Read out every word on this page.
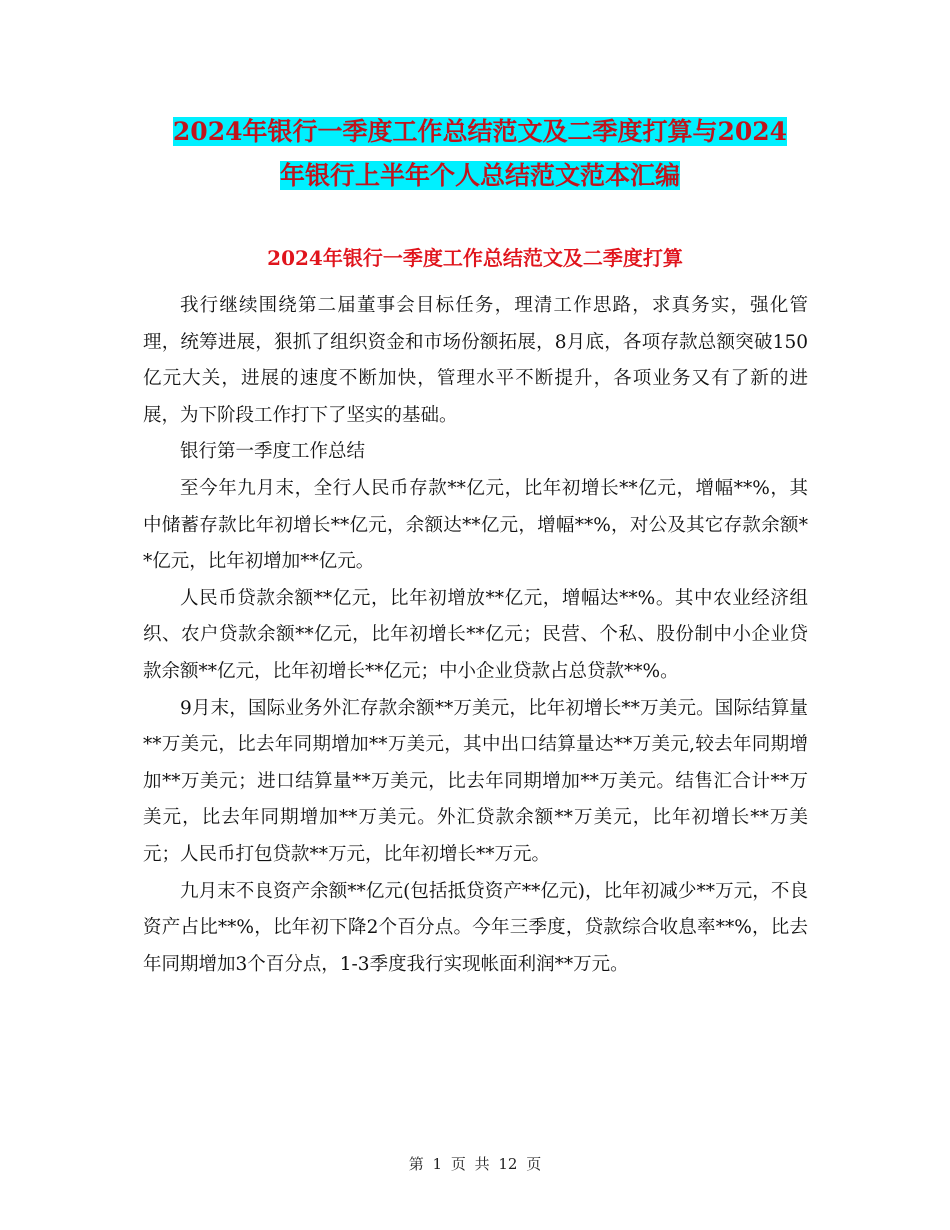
2024年银行一季度工作总结范文及二季度打算与2024
年银行上半年个人总结范文范本汇编
2024年银行一季度工作总结范文及二季度打算

我行继续围绕第二届董事会目标任务，理清工作思路，求真务实，强化管理，统筹进展，狠抓了组织资金和市场份额拓展，8月底，各项存款总额突破150亿元大关，进展的速度不断加快，管理水平不断提升，各项业务又有了新的进展，为下阶段工作打下了坚实的基础。

银行第一季度工作总结

至今年九月末，全行人民币存款**亿元，比年初增长**亿元，增幅**%，其中储蓄存款比年初增长**亿元，余额达**亿元，增幅**%，对公及其它存款余额**亿元，比年初增加**亿元。

人民币贷款余额**亿元，比年初增放**亿元，增幅达**%。其中农业经济组织、农户贷款余额**亿元，比年初增长**亿元；民营、个私、股份制中小企业贷款余额**亿元，比年初增长**亿元；中小企业贷款占总贷款**%。

9月末，国际业务外汇存款余额**万美元，比年初增长**万美元。国际结算量**万美元，比去年同期增加**万美元，其中出口结算量达**万美元,较去年同期增加**万美元；进口结算量**万美元，比去年同期增加**万美元。结售汇合计**万美元，比去年同期增加**万美元。外汇贷款余额**万美元，比年初增长**万美元；人民币打包贷款**万元，比年初增长**万元。

九月末不良资产余额**亿元(包括抵贷资产**亿元)，比年初减少**万元，不良资产占比**%，比年初下降2个百分点。今年三季度，贷款综合收息率**%，比去年同期增加3个百分点，1-3季度我行实现帐面利润**万元。

第 1 页 共 12 页
